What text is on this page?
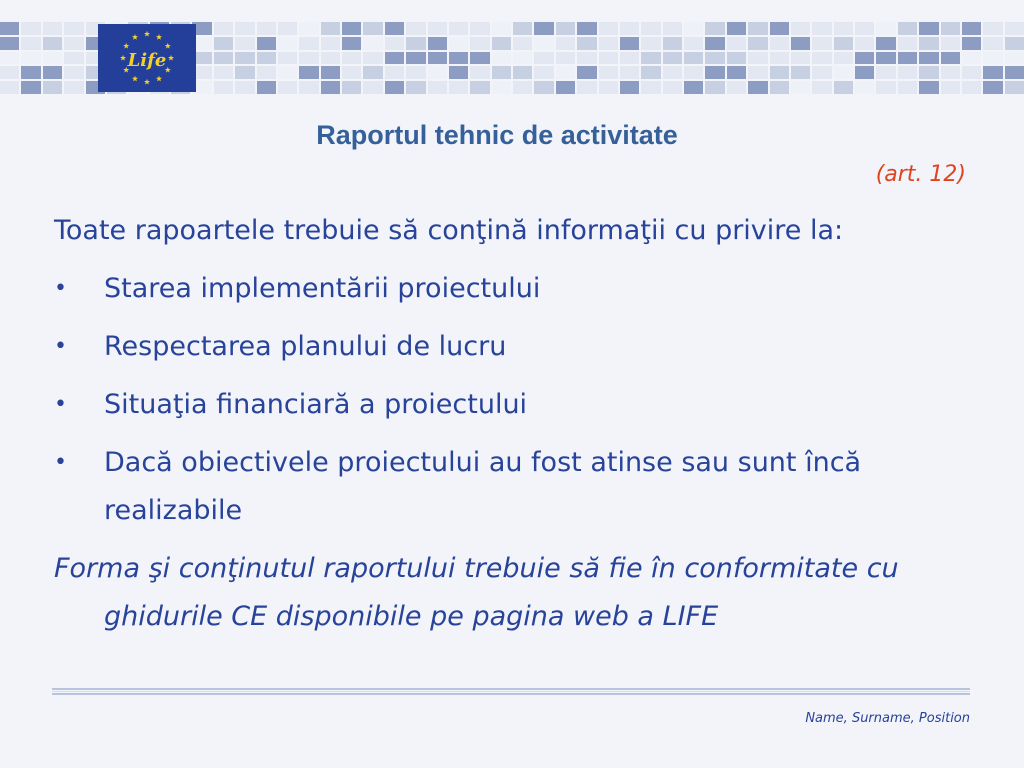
Life
Raportul tehnic de activitate
(art. 12)
Toate rapoartele trebuie să conţină informaţii cu privire la:
•	Starea implementării proiectului
•	Respectarea planului de lucru
•	Situaţia financiară a proiectului
•	Dacă obiectivele proiectului au fost atinse sau sunt încă realizabile
Forma şi conţinutul raportului trebuie să fie în conformitate cu ghidurile CE disponibile pe pagina web a LIFE
Name, Surname, Position
